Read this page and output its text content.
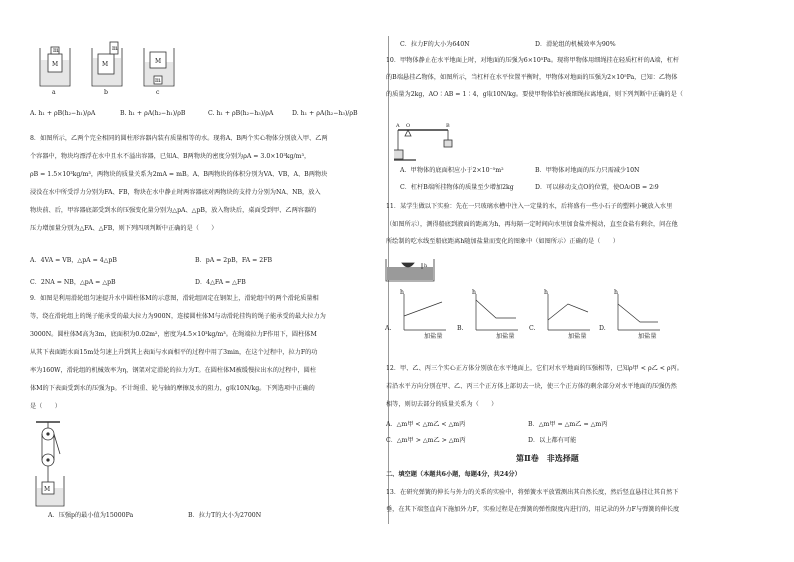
M
m
M
m
M
m
a	b	c
A. h₁ + ρB(h₂−h₁)/ρA	B. h₁ + ρA(h₂−h₁)/ρB	C. h₁ + ρB(h₂−h₃)/ρA	D. h₁ + ρA(h₂−h₃)/ρB
8．如图所示，乙两个完全相同的圆柱形容器内装有质量相等的水。现将A、B两个实心物体分别放入甲、乙两
个容器中，物块均漂浮在水中且水不溢出容器，已知A、B两物块的密度分别为ρA = 3.0×10³kg/m³，
ρB = 1.5×10³kg/m³，两物块的质量关系为2mA = mB。A、B两物块的体积分别为VA、VB，A、B两物块
浸没在水中所受浮力分别为FA、FB，物块在水中静止时两容器底对两物块的支持力分别为NA、NB，放入
物块前、后，甲容器底部受到水的压强变化量分别为△pA、△pB，放入物块后，桌面受到甲、乙两容器的
压力增加量分别为△FA、△FB，则下列四项判断中正确的是（　　）
A．4VA = VB，△pA = 4△pB	B．pA = 2pB，FA = 2FB
C．2NA = NB，△pA = △pB	D．4△FA = △FB
9．如图是利用滑轮组匀速提升水中圆柱体M的示意图，滑轮组固定在钢架上，滑轮组中的两个滑轮质量相
等，绕在滑轮组上的绳子能承受的最大拉力为900N，连接圆柱体M与动滑轮挂钩的绳子能承受的最大拉力为
3000N。圆柱体M高为3m，底面积为0.02m²，密度为4.5×10³kg/m³。在绳端拉力F作用下，圆柱体M
从其下表面距水面15m处匀速上升到其上表面与水面相平的过程中用了3min，在这个过程中，拉力F的功
率为160W，滑轮组的机械效率为η，钢架对定滑轮的拉力为T。在圆柱体M被缓慢拉出水的过程中，圆柱
体M的下表面受到水的压强为p。不计绳重、轮与轴的摩擦及水的阻力，g取10N/kg。下列选项中正确的
是（　　）
M
A．压强p的最小值为15000Pa	B．拉力T的大小为2700N
C．拉力F的大小为640N	D．滑轮组的机械效率为90%
10．甲物体静止在水平地面上时，对地面的压强为6×10⁵Pa。现将甲物体用细绳挂在轻质杠杆的A端，杠杆
的B端悬挂乙物体，如图所示，当杠杆在水平位置平衡时，甲物体对地面的压强为2×10⁵Pa，已知：乙物体
的质量为2kg，AO∶AB = 1∶4，g取10N/kg。要使甲物体恰好被细绳拉离地面，则下列判断中正确的是（
A O	B
A．甲物体的底面积应小于2×10⁻⁵m²	B．甲物体对地面的压力只需减少10N
C．杠杆B端所挂物体的质量至少增加2kg	D．可以移动支点O的位置，使OA∶OB = 2∶9
11．某学生做以下实验：先在一只玻璃水槽中注入一定量的水，后将盛有一些小石子的塑料小碗放入水里
（如图所示），测得船底到液面的距离为h，再每隔一定时间向水里加食盐并搅动，直至食盐有剩余，问在他
所绘制的吃水线至船底距离h随加盐量而变化的图象中（如图所示）正确的是（　　）
h
A.	B.	C.	D.
h	h	h	h
加盐量	加盐量	加盐量	加盐量
12．甲、乙、丙三个实心正方体分别放在水平地面上，它们对水平地面的压强相等，已知ρ甲 < ρ乙 < ρ丙。
若沿水平方向分别在甲、乙、丙三个正方体上部切去一块，使三个正方体的剩余部分对水平地面的压强仍然
相等，则切去部分的质量关系为（　　）
A．△m甲 < △m乙 < △m丙	B．△m甲 = △m乙 = △m丙
C．△m甲 > △m乙 > △m丙	D．以上都有可能
第Ⅱ卷　非选择题
二、填空题（本题共6小题，每题4分，共24分）
13．在研究弹簧的伸长与外力的关系的实验中，将弹簧水平放置测出其自然长度，然后竖直悬挂让其自然下
垂，在其下端竖直向下施加外力F，实验过程是在弹簧的弹性限度内进行的，用记录的外力F与弹簧的伸长度
